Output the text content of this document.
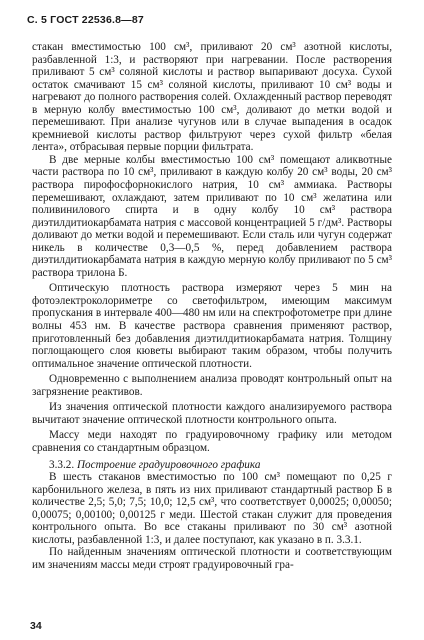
С. 5 ГОСТ 22536.8—87

стакан вместимостью 100 см³, приливают 20 см³ азотной кислоты, разбавленной 1:3, и растворяют при нагревании. После растворения приливают 5 см³ соляной кислоты и раствор выпаривают досуха. Сухой остаток смачивают 15 см³ соляной кислоты, приливают 10 см³ воды и нагревают до полного растворения солей. Охлажденный раствор переводят в мерную колбу вместимостью 100 см³, доливают до метки водой и перемешивают. При анализе чугунов или в случае выпадения в осадок кремниевой кислоты раствор фильтруют через сухой фильтр «белая лента», отбрасывая первые порции фильтрата.

В две мерные колбы вместимостью 100 см³ помещают аликвотные части раствора по 10 см³, приливают в каждую колбу 20 см³ воды, 20 см³ раствора пирофосфорнокислого натрия, 10 см³ аммиака. Растворы перемешивают, охлаждают, затем приливают по 10 см³ желатина или поливинилового спирта и в одну колбу 10 см³ раствора диэтилдитиокарбамата натрия с массовой концентрацией 5 г/дм³. Растворы доливают до метки водой и перемешивают. Если сталь или чугун содержат никель в количестве 0,3—0,5 %, перед добавлением раствора диэтилдитиокарбамата натрия в каждую мерную колбу приливают по 5 см³ раствора трилона Б.

Оптическую плотность раствора измеряют через 5 мин на фотоэлектроколориметре со светофильтром, имеющим максимум пропускания в интервале 400—480 нм или на спектрофотометре при длине волны 453 нм. В качестве раствора сравнения применяют раствор, приготовленный без добавления диэтилдитиокарбамата натрия. Толщину поглощающего слоя кюветы выбирают таким образом, чтобы получить оптимальное значение оптической плотности.

Одновременно с выполнением анализа проводят контрольный опыт на загрязнение реактивов.

Из значения оптической плотности каждого анализируемого раствора вычитают значение оптической плотности контрольного опыта.

Массу меди находят по градуировочному графику или методом сравнения со стандартным образцом.

3.3.2. Построение градуировочного графика

В шесть стаканов вместимостью по 100 см³ помещают по 0,25 г карбонильного железа, в пять из них приливают стандартный раствор Б в количестве 2,5; 5,0; 7,5; 10,0; 12,5 см³, что соответствует 0,00025; 0,00050; 0,00075; 0,00100; 0,00125 г меди. Шестой стакан служит для проведения контрольного опыта. Во все стаканы приливают по 30 см³ азотной кислоты, разбавленной 1:3, и далее поступают, как указано в п. 3.3.1.

По найденным значениям оптической плотности и соответствующим им значениям массы меди строят градуировочный гра-

34
